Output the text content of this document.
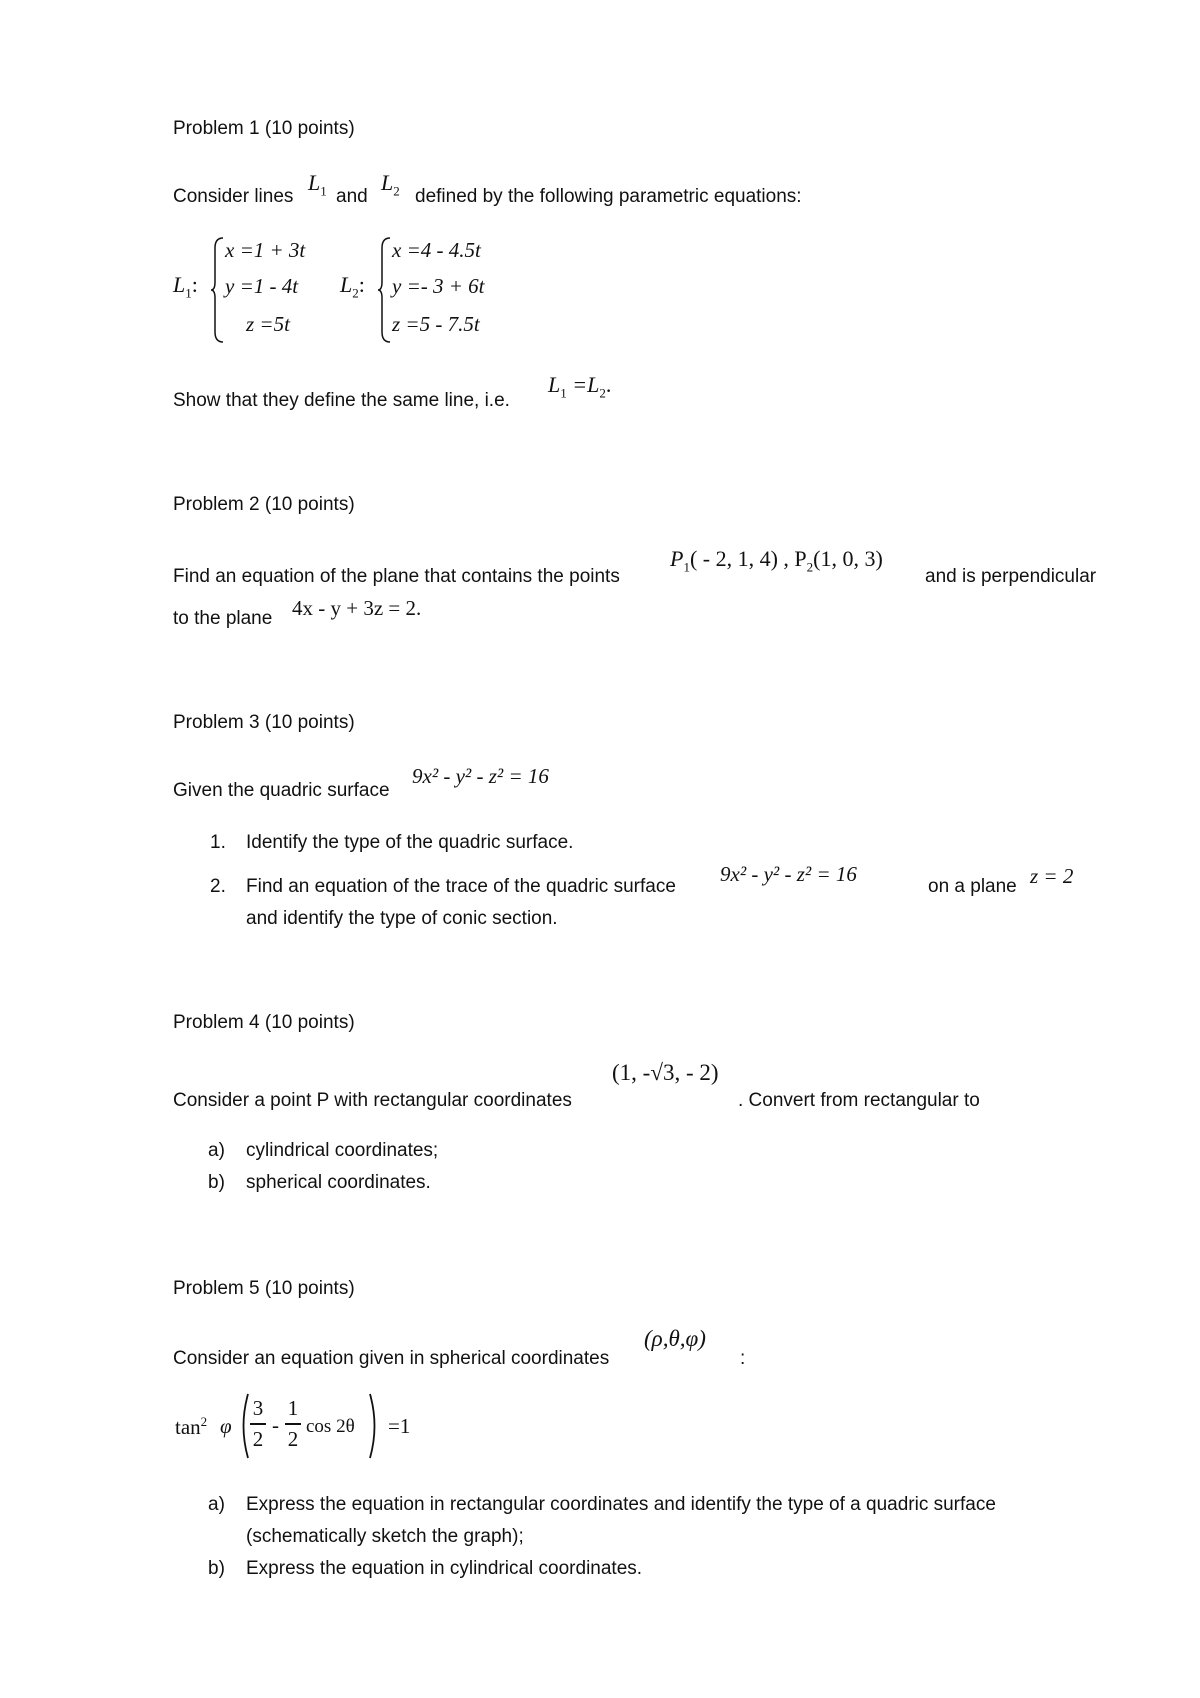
Problem 1 (10 points)
Consider lines
$L_1$ and
$L_2$ defined by the following parametric equations:
$L_1$:
x =1 + 3t
y =1 - 4t
z =5t
$L_2$:
x =4 - 4.5t
y =- 3 + 6t
z =5 - 7.5t
Show that they define the same line, i.e.
$L_1 =L_2$.
Problem 2 (10 points)
Find an equation of the plane that contains the points
$P_1( - 2$, 1, 4) , $P_2(1$, 0, 3)
and is perpendicular
to the plane 4x - y + 3z = 2.
Problem 3 (10 points)
Given the quadric surface
9x² - y² - z² = 16
1. Identify the type of the quadric surface.
2. Find an equation of the trace of the quadric surface
9x² - y² - z² = 16
on a plane z = 2
and identify the type of conic section.
Problem 4 (10 points)
Consider a point P with rectangular coordinates
(1, -√3, - 2)
. Convert from rectangular to
a) cylindrical coordinates;
b) spherical coordinates.
Problem 5 (10 points)
Consider an equation given in spherical coordinates
(ρ,θ,φ)
:
$\tan^2 \varphi$
3
2
-
1
2 cos 2θ =1
a) Express the equation in rectangular coordinates and identify the type of a quadric surface
(schematically sketch the graph);
b) Express the equation in cylindrical coordinates.
